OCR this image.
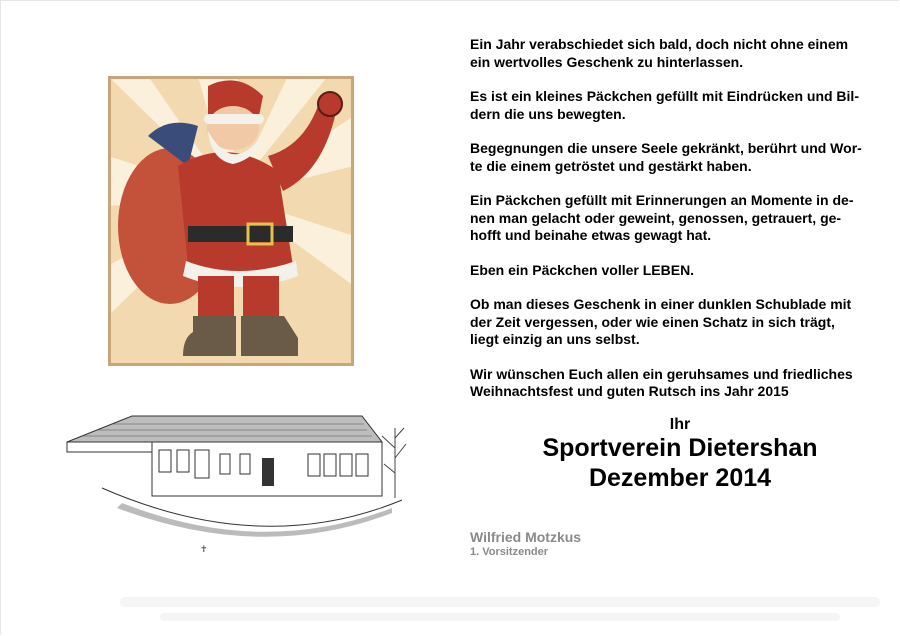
✝

Ein Jahr verabschiedet sich bald, doch nicht ohne einem
ein wertvolles Geschenk zu hinterlassen.

Es ist ein kleines Päckchen gefüllt mit Eindrücken und Bil-
dern die uns bewegten.

Begegnungen die unsere Seele gekränkt, berührt und Wor-
te die einem getröstet und gestärkt haben.

Ein Päckchen gefüllt mit Erinnerungen an Momente in de-
nen man gelacht oder geweint, genossen, getrauert, ge-
hofft und beinahe etwas gewagt hat.

Eben ein Päckchen voller LEBEN.

Ob man dieses Geschenk in einer dunklen Schublade mit
der Zeit vergessen, oder wie einen Schatz in sich trägt,
liegt einzig an uns selbst.

Wir wünschen Euch allen ein geruhsames und friedliches
Weihnachtsfest und guten Rutsch ins Jahr 2015

Ihr
Sportverein Dietershan
Dezember 2014
Wilfried Motzkus
1. Vorsitzender
